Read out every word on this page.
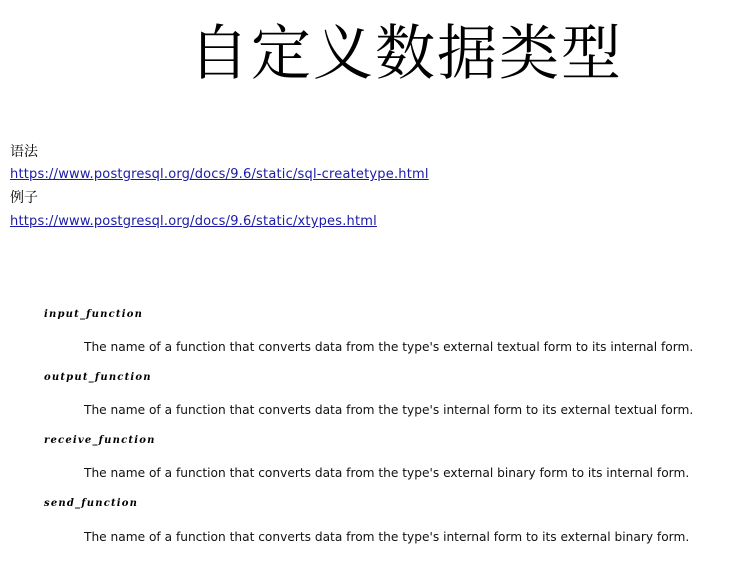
自定义数据类型
语法
https://www.postgresql.org/docs/9.6/static/sql-createtype.html
例子
https://www.postgresql.org/docs/9.6/static/xtypes.html
input_function
The name of a function that converts data from the type's external textual form to its internal form.
output_function
The name of a function that converts data from the type's internal form to its external textual form.
receive_function
The name of a function that converts data from the type's external binary form to its internal form.
send_function
The name of a function that converts data from the type's internal form to its external binary form.
